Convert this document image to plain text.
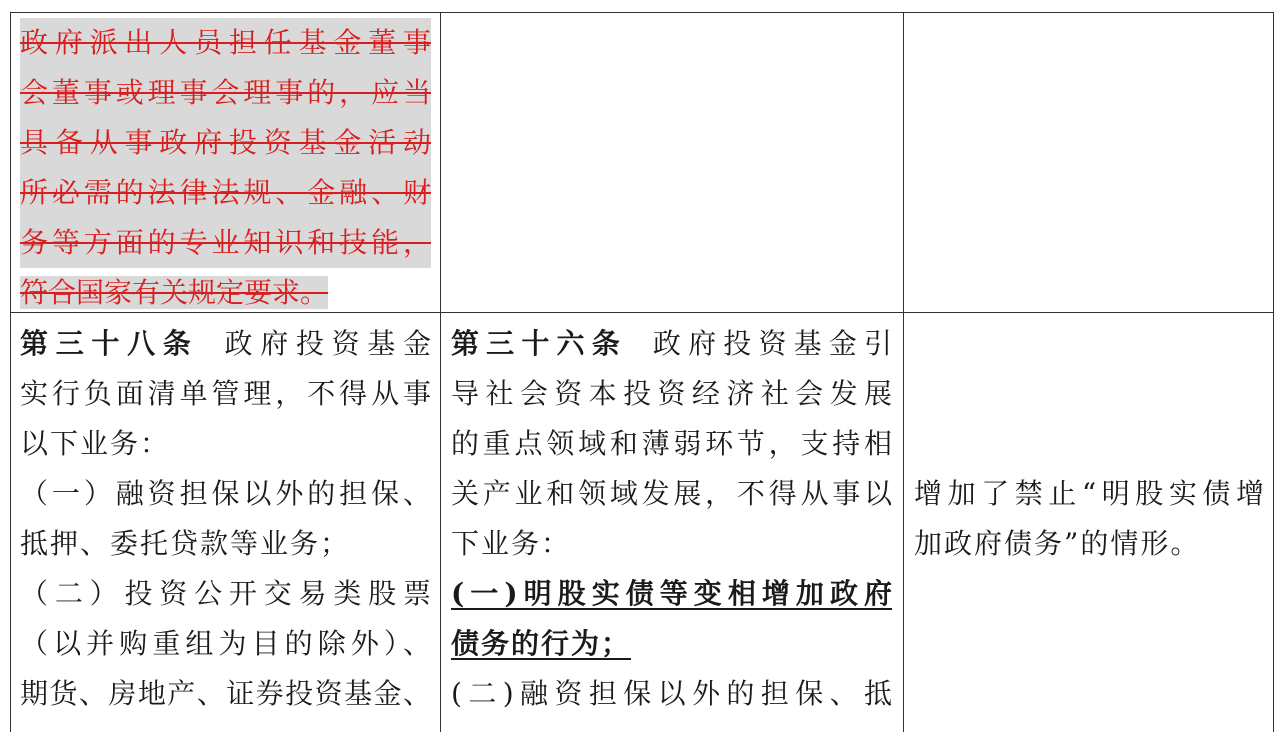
政府派出人员担任基金董事
会董事或理事会理事的，应当
具备从事政府投资基金活动
所必需的法律法规、金融、财
务等方面的专业知识和技能，
符合国家有关规定要求。
第三十八条 政府投资基金
实行负面清单管理，不得从事
以下业务：
（一）融资担保以外的担保、
抵押、委托贷款等业务；
（二）投资公开交易类股票
（以并购重组为目的除外）、
期货、房地产、证券投资基金、
第三十六条 政府投资基金引
导社会资本投资经济社会发展
的重点领域和薄弱环节，支持相
关产业和领域发展，不得从事以
下业务：
(一)明股实债等变相增加政府
债务的行为；
(二)融资担保以外的担保、抵
增加了禁止“明股实债增
加政府债务”的情形。
